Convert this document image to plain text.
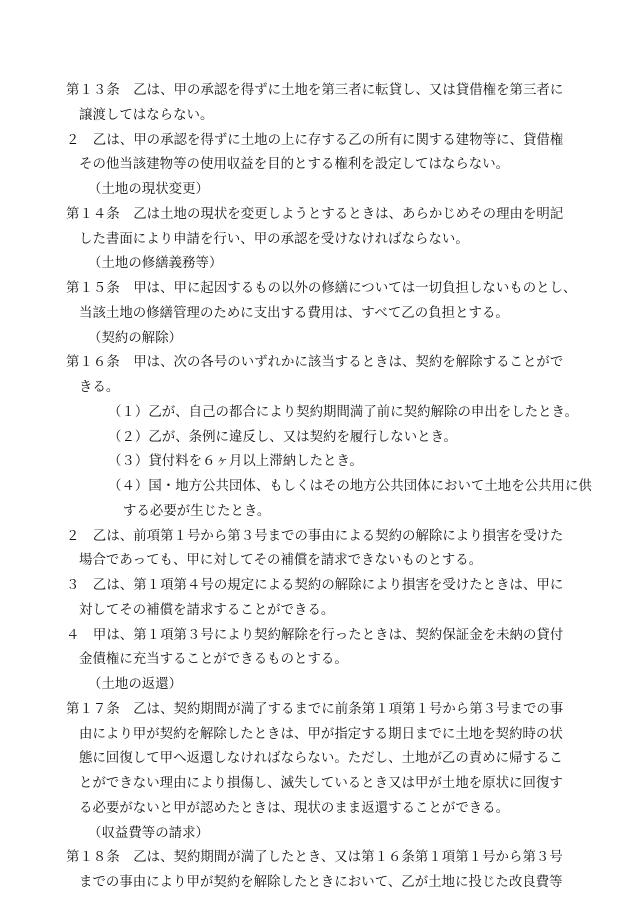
第１３条　乙は、甲の承認を得ずに土地を第三者に転貸し、又は貸借権を第三者に
譲渡してはならない。
２　乙は、甲の承認を得ずに土地の上に存する乙の所有に関する建物等に、貸借権
その他当該建物等の使用収益を目的とする権利を設定してはならない。
（土地の現状変更）
第１４条　乙は土地の現状を変更しようとするときは、あらかじめその理由を明記
した書面により申請を行い、甲の承認を受けなければならない。
（土地の修繕義務等）
第１５条　甲は、甲に起因するもの以外の修繕については一切負担しないものとし、
当該土地の修繕管理のために支出する費用は、すべて乙の負担とする。
（契約の解除）
第１６条　甲は、次の各号のいずれかに該当するときは、契約を解除することがで
きる。
（１）乙が、自己の都合により契約期間満了前に契約解除の申出をしたとき。
（２）乙が、条例に違反し、又は契約を履行しないとき。
（３）貸付料を６ヶ月以上滞納したとき。
（４）国・地方公共団体、もしくはその地方公共団体において土地を公共用に供
する必要が生じたとき。
２　乙は、前項第１号から第３号までの事由による契約の解除により損害を受けた
場合であっても、甲に対してその補償を請求できないものとする。
３　乙は、第１項第４号の規定による契約の解除により損害を受けたときは、甲に
対してその補償を請求することができる。
４　甲は、第１項第３号により契約解除を行ったときは、契約保証金を未納の貸付
金債権に充当することができるものとする。
（土地の返還）
第１７条　乙は、契約期間が満了するまでに前条第１項第１号から第３号までの事
由により甲が契約を解除したときは、甲が指定する期日までに土地を契約時の状
態に回復して甲へ返還しなければならない。ただし、土地が乙の責めに帰するこ
とができない理由により損傷し、滅失しているとき又は甲が土地を原状に回復す
る必要がないと甲が認めたときは、現状のまま返還することができる。
（収益費等の請求）
第１８条　乙は、契約期間が満了したとき、又は第１６条第１項第１号から第３号
までの事由により甲が契約を解除したときにおいて、乙が土地に投じた改良費等
